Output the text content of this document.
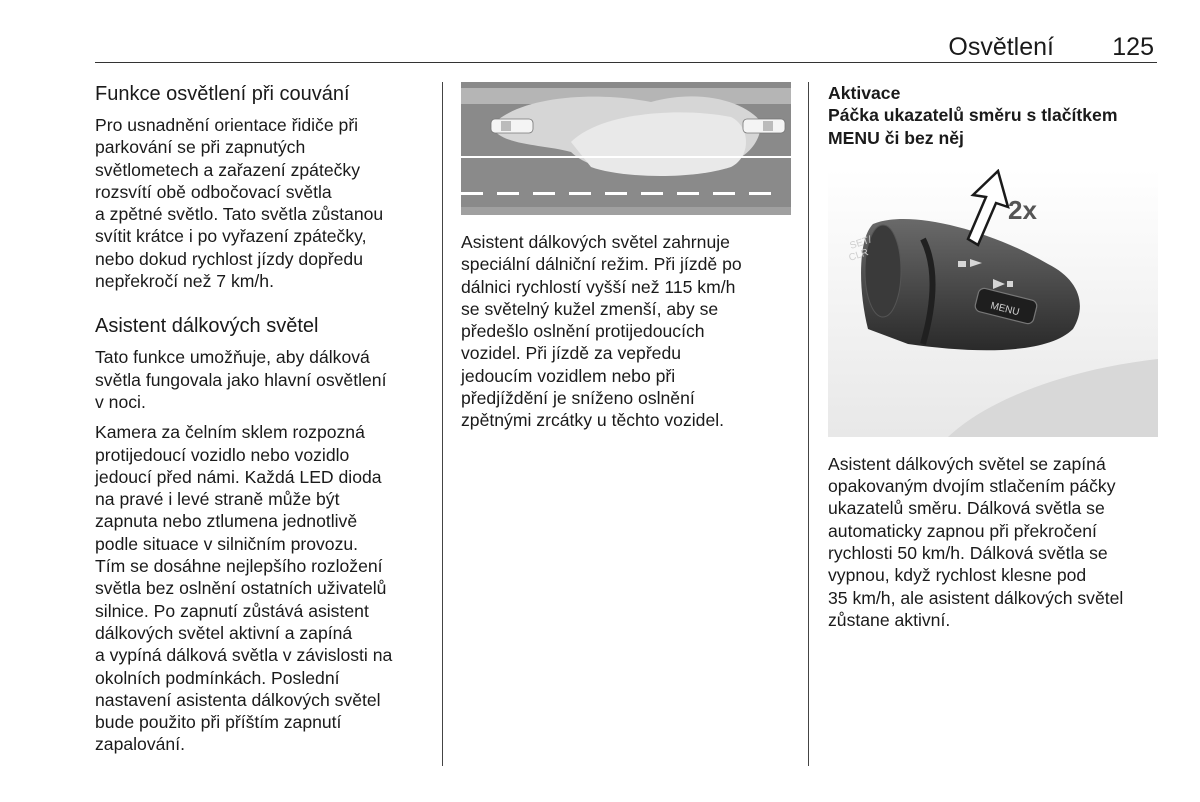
Osvětlení 125
Funkce osvětlení při couvání

Pro usnadnění orientace řidiče při
parkování se při zapnutých
světlometech a zařazení zpátečky
rozsvítí obě odbočovací světla
a zpětné světlo. Tato světla zůstanou
svítit krátce i po vyřazení zpátečky,
nebo dokud rychlost jízdy dopředu
nepřekročí než 7 km/h.

Asistent dálkových světel

Tato funkce umožňuje, aby dálková
světla fungovala jako hlavní osvětlení
v noci.

Kamera za čelním sklem rozpozná
protijedoucí vozidlo nebo vozidlo
jedoucí před námi. Každá LED dioda
na pravé i levé straně může být
zapnuta nebo ztlumena jednotlivě
podle situace v silničním provozu.
Tím se dosáhne nejlepšího rozložení
světla bez oslnění ostatních uživatelů
silnice. Po zapnutí zůstává asistent
dálkových světel aktivní a zapíná
a vypíná dálková světla v závislosti na
okolních podmínkách. Poslední
nastavení asistenta dálkových světel
bude použito při příštím zapnutí
zapalování.

Asistent dálkových světel zahrnuje
speciální dálniční režim. Při jízdě po
dálnici rychlostí vyšší než 115 km/h
se světelný kužel zmenší, aby se
předešlo oslnění protijedoucích
vozidel. Při jízdě za vepředu
jedoucím vozidlem nebo při
předjíždění je sníženo oslnění
zpětnými zrcátky u těchto vozidel.

Aktivace

Páčka ukazatelů směru s tlačítkem
MENU či bez něj

SET/
CLR
MENU
2x

Asistent dálkových světel se zapíná
opakovaným dvojím stlačením páčky
ukazatelů směru. Dálková světla se
automaticky zapnou při překročení
rychlosti 50 km/h. Dálková světla se
vypnou, když rychlost klesne pod
35 km/h, ale asistent dálkových světel
zůstane aktivní.
